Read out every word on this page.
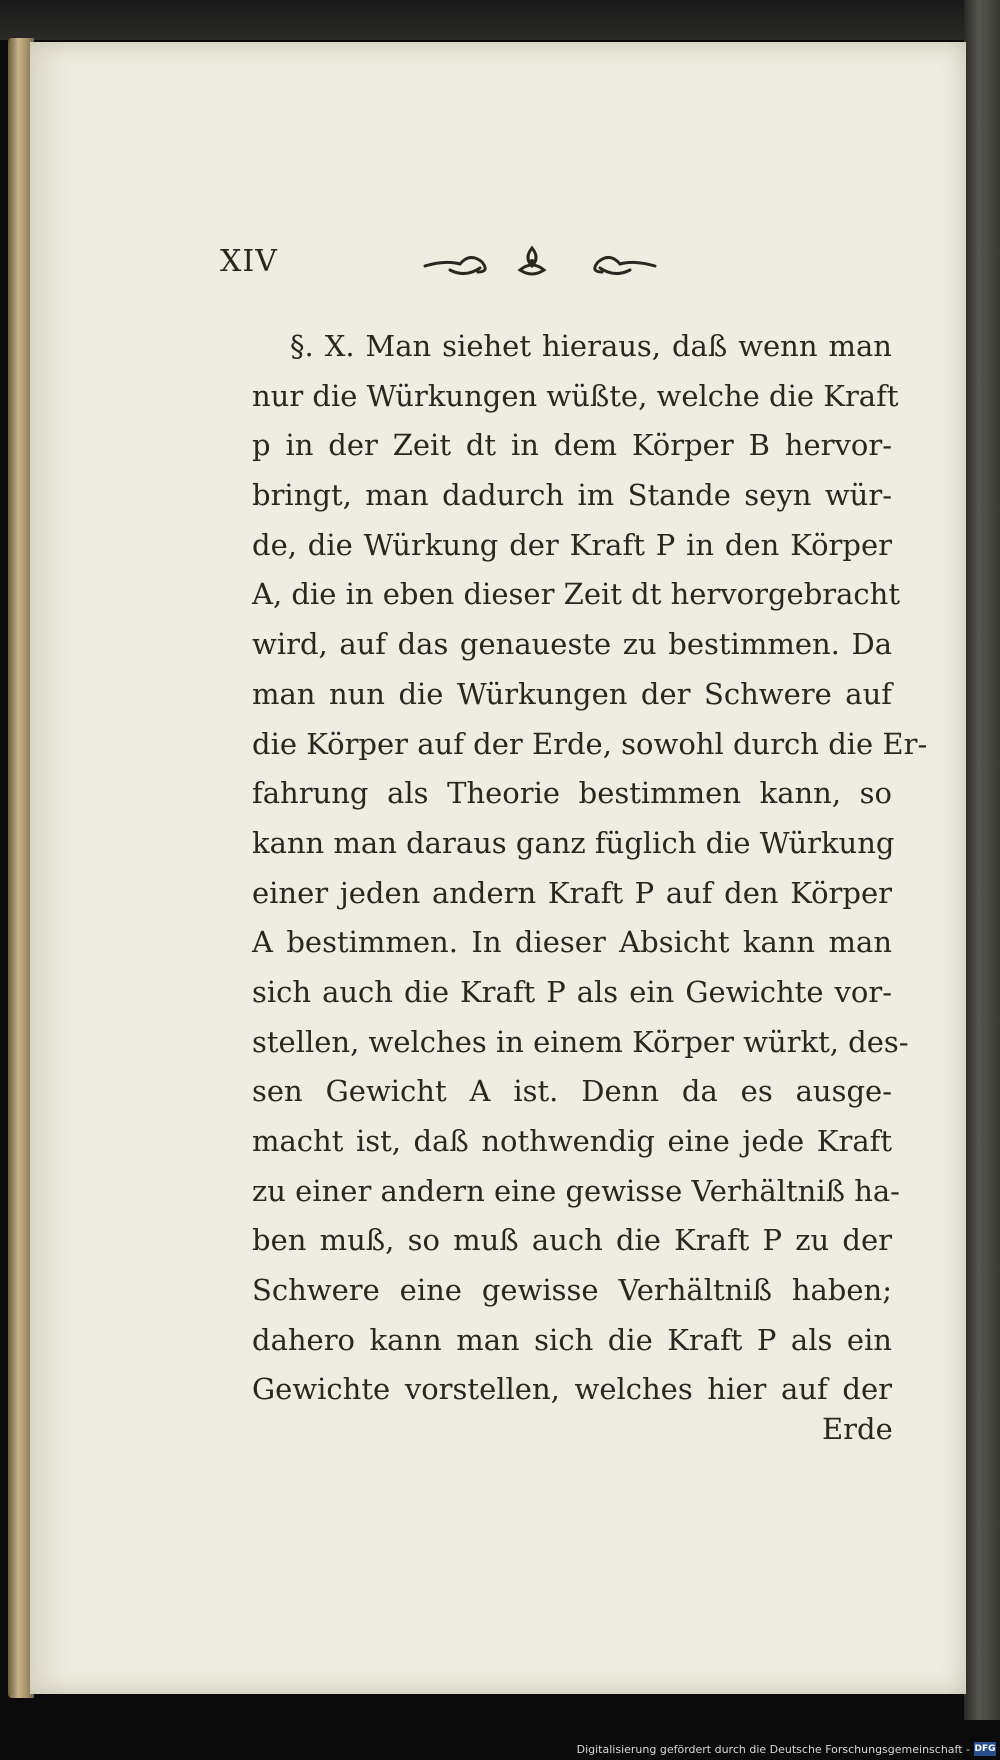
XIV
§. X. Man siehet hieraus, daß wenn man
nur die Würkungen wüßte, welche die Kraft
p in der Zeit dt in dem Körper B hervor-
bringt, man dadurch im Stande seyn wür-
de, die Würkung der Kraft P in den Körper
A, die in eben dieser Zeit dt hervorgebracht
wird, auf das genaueste zu bestimmen. Da
man nun die Würkungen der Schwere auf
die Körper auf der Erde, sowohl durch die Er-
fahrung als Theorie bestimmen kann, so
kann man daraus ganz füglich die Würkung
einer jeden andern Kraft P auf den Körper
A bestimmen. In dieser Absicht kann man
sich auch die Kraft P als ein Gewichte vor-
stellen, welches in einem Körper würkt, des-
sen Gewicht A ist. Denn da es ausge-
macht ist, daß nothwendig eine jede Kraft
zu einer andern eine gewisse Verhältniß ha-
ben muß, so muß auch die Kraft P zu der
Schwere eine gewisse Verhältniß haben;
dahero kann man sich die Kraft P als ein
Gewichte vorstellen, welches hier auf der
Erde
Digitalisierung gefördert durch die Deutsche Forschungsgemeinschaft - DFG
